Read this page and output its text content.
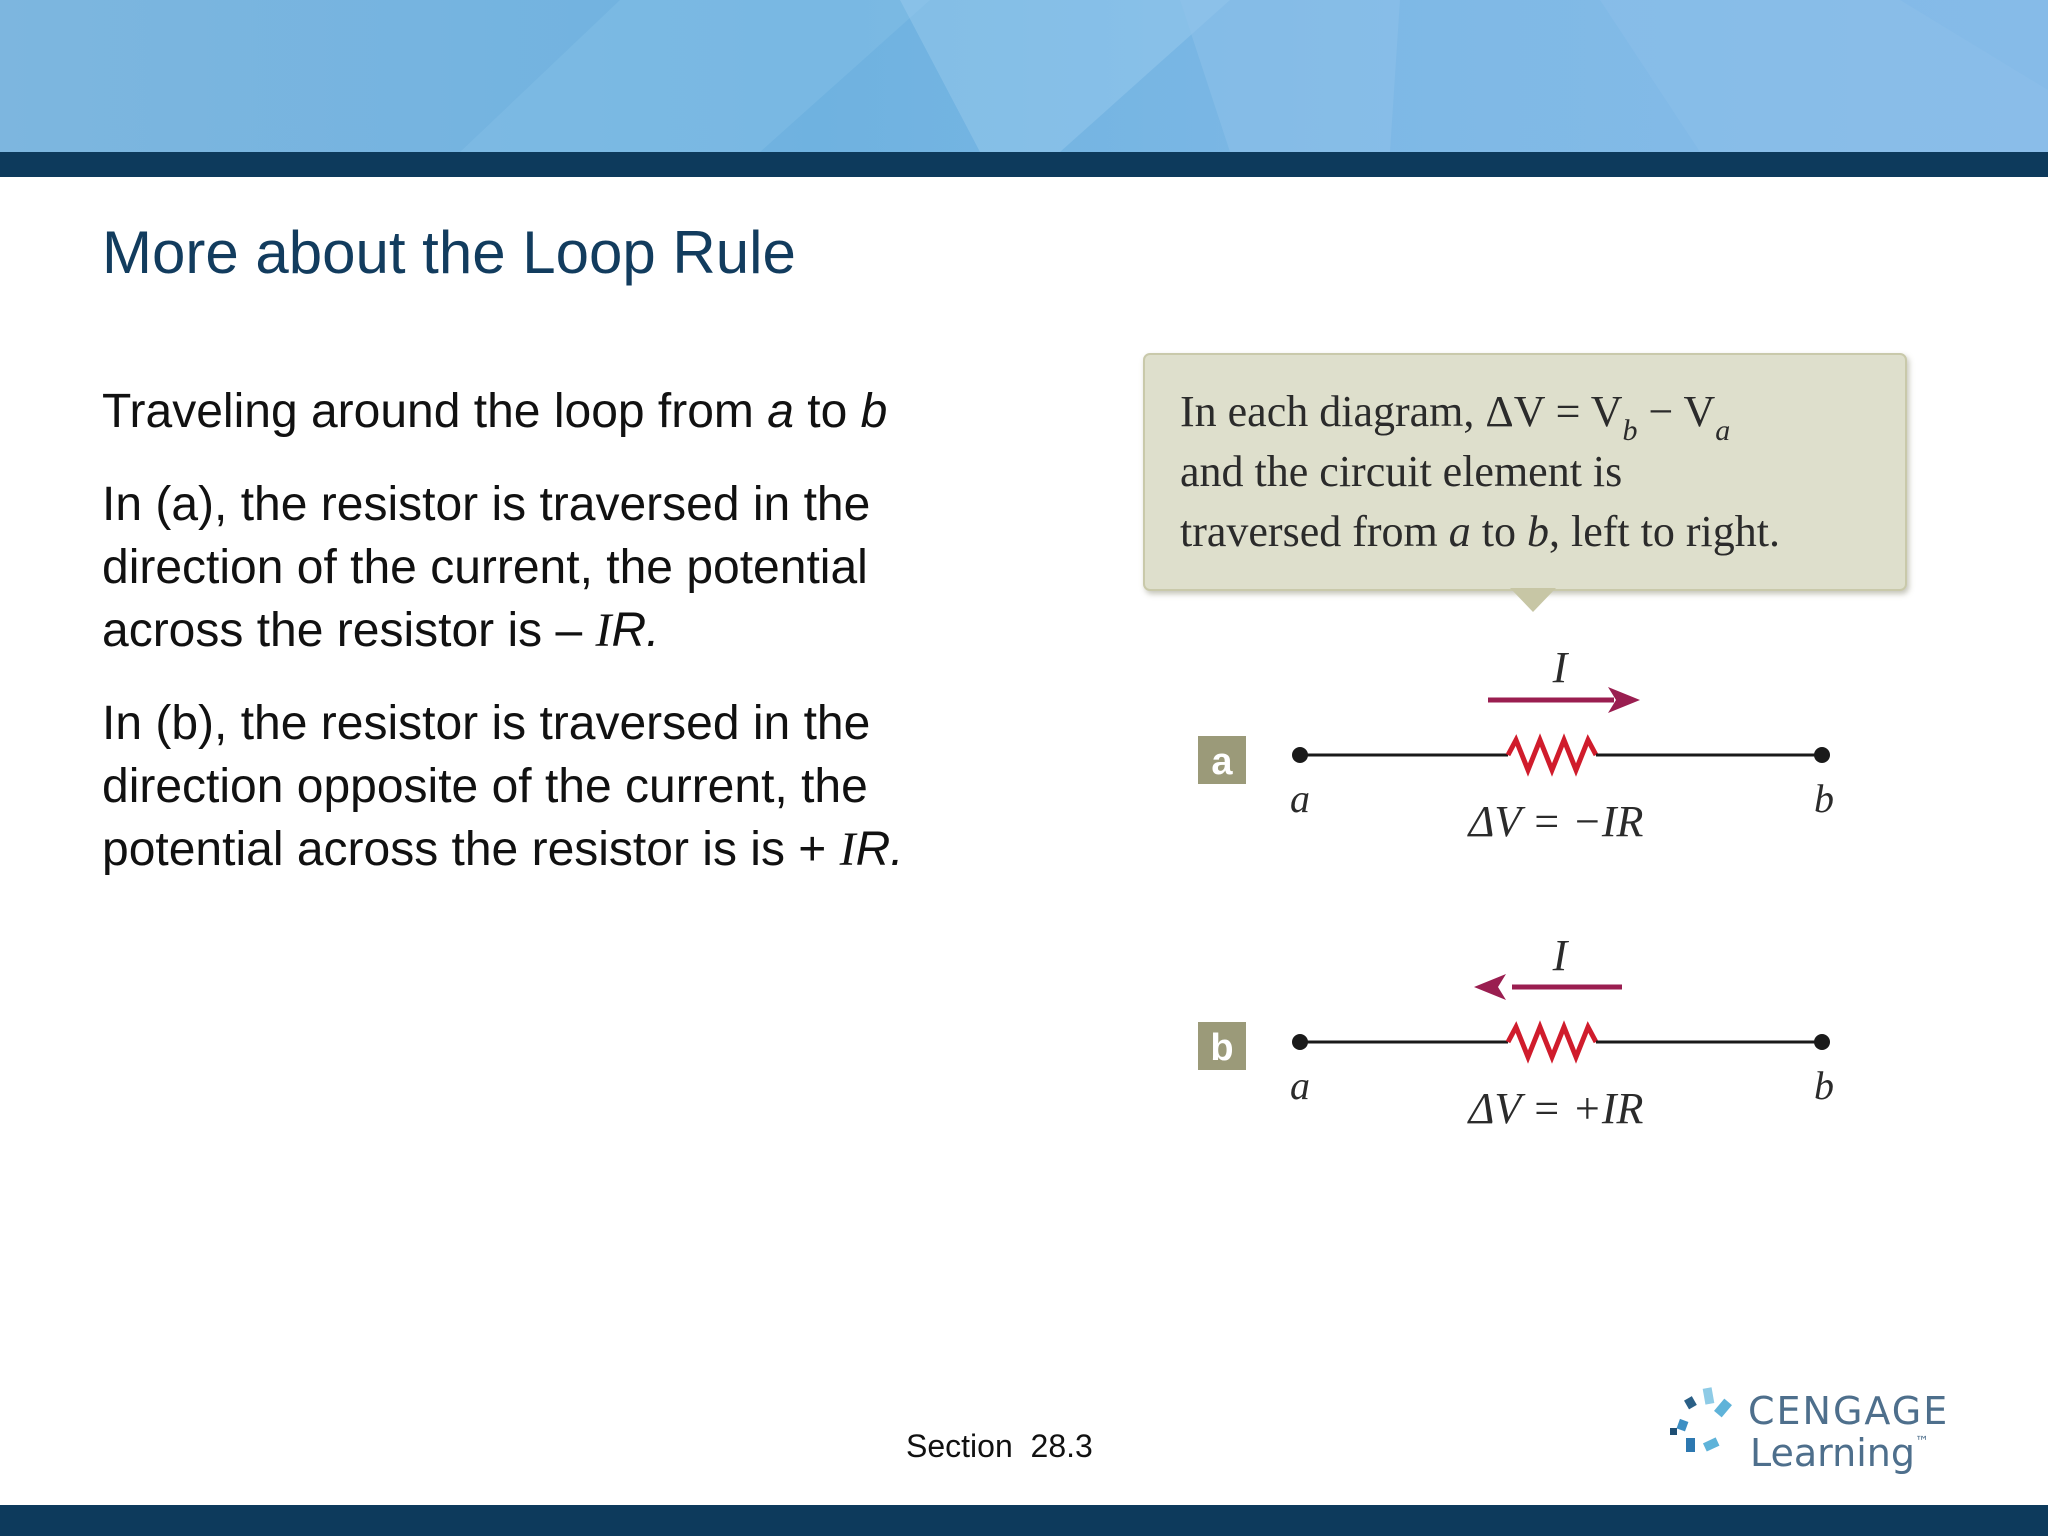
More about the Loop Rule

Traveling around the loop from a to b

In (a), the resistor is traversed in the direction of the current, the potential across the resistor is – IR.

In (b), the resistor is traversed in the direction opposite of the current, the potential across the resistor is is + IR.

In each diagram, $\Delta V = V_b - V_a$
and the circuit element is
traversed from a to b, left to right.
a
I
a	b
ΔV = −IR
b
I
a	b
ΔV = +IR
Section  28.3
CENGAGE
Learning™
